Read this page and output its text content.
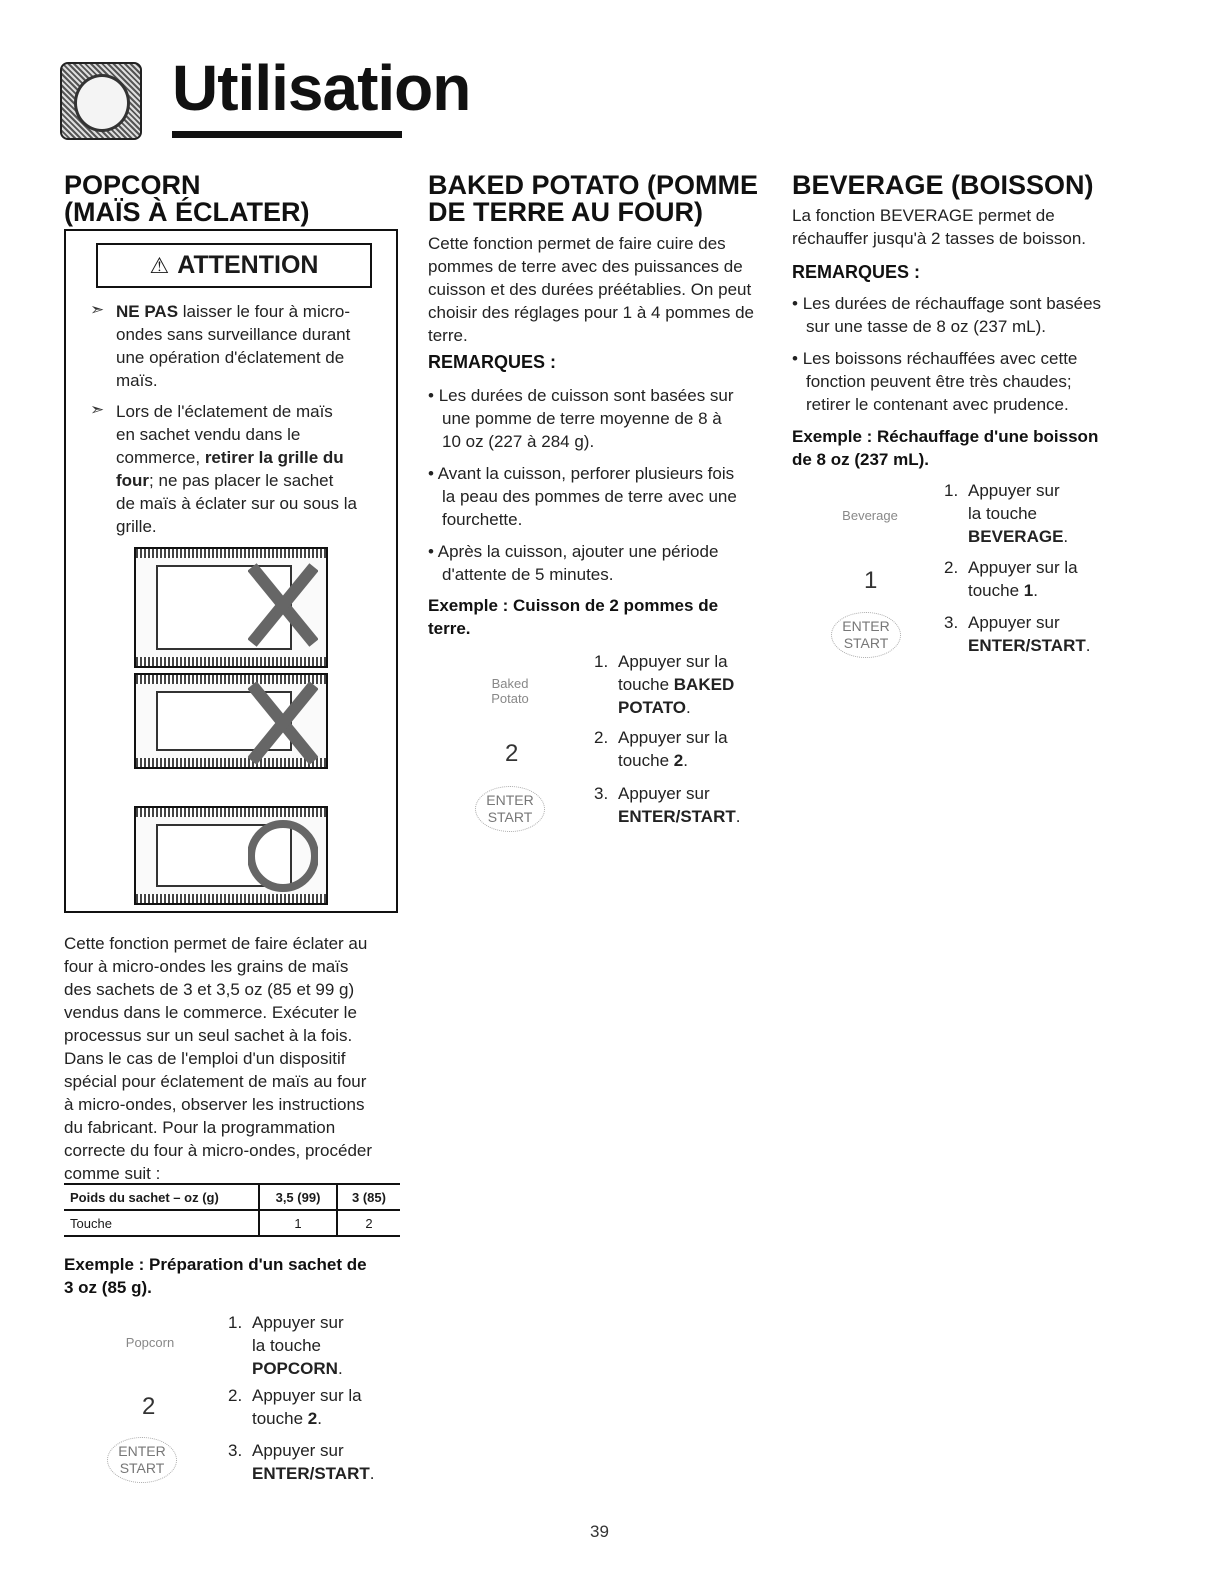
Utilisation
POPCORN
(MAÏS À ÉCLATER)
⚠ ATTENTION
➣ NE PAS laisser le four à micro-
ondes sans surveillance durant
une opération d'éclatement de
maïs.
➣ Lors de l'éclatement de maïs
en sachet vendu dans le
commerce, retirer la grille du
four; ne pas placer le sachet
de maïs à éclater sur ou sous la
grille.
Cette fonction permet de faire éclater au
four à micro-ondes les grains de maïs
des sachets de 3 et 3,5 oz (85 et 99 g)
vendus dans le commerce. Exécuter le
processus sur un seul sachet à la fois.
Dans le cas de l'emploi d'un dispositif
spécial pour éclatement de maïs au four
à micro-ondes, observer les instructions
du fabricant. Pour la programmation
correcte du four à micro-ondes, procéder
comme suit :
Poids du sachet – oz (g)	3,5 (99)	3 (85)
Touche	1	2
Exemple : Préparation d'un sachet de
3 oz (85 g).
Popcorn
2
ENTER
START
1. Appuyer sur
la touche
POPCORN.
2. Appuyer sur la
touche 2.
3. Appuyer sur
ENTER/START.
BAKED POTATO (POMME
DE TERRE AU FOUR)
Cette fonction permet de faire cuire des
pommes de terre avec des puissances de
cuisson et des durées préétablies. On peut
choisir des réglages pour 1 à 4 pommes de
terre.
REMARQUES :
• Les durées de cuisson sont basées sur
une pomme de terre moyenne de 8 à
10 oz (227 à 284 g).
• Avant la cuisson, perforer plusieurs fois
la peau des pommes de terre avec une
fourchette.
• Après la cuisson, ajouter une période
d'attente de 5 minutes.
Exemple : Cuisson de 2 pommes de
terre.
Baked
Potato
2
ENTER
START
1. Appuyer sur la
touche BAKED
POTATO.
2. Appuyer sur la
touche 2.
3. Appuyer sur
ENTER/START.
BEVERAGE (BOISSON)
La fonction BEVERAGE permet de
réchauffer jusqu'à 2 tasses de boisson.
REMARQUES :
• Les durées de réchauffage sont basées
sur une tasse de 8 oz (237 mL).
• Les boissons réchauffées avec cette
fonction peuvent être très chaudes;
retirer le contenant avec prudence.
Exemple : Réchauffage d'une boisson
de 8 oz (237 mL).
Beverage
1
ENTER
START
1. Appuyer sur
la touche
BEVERAGE.
2. Appuyer sur la
touche 1.
3. Appuyer sur
ENTER/START.
39
